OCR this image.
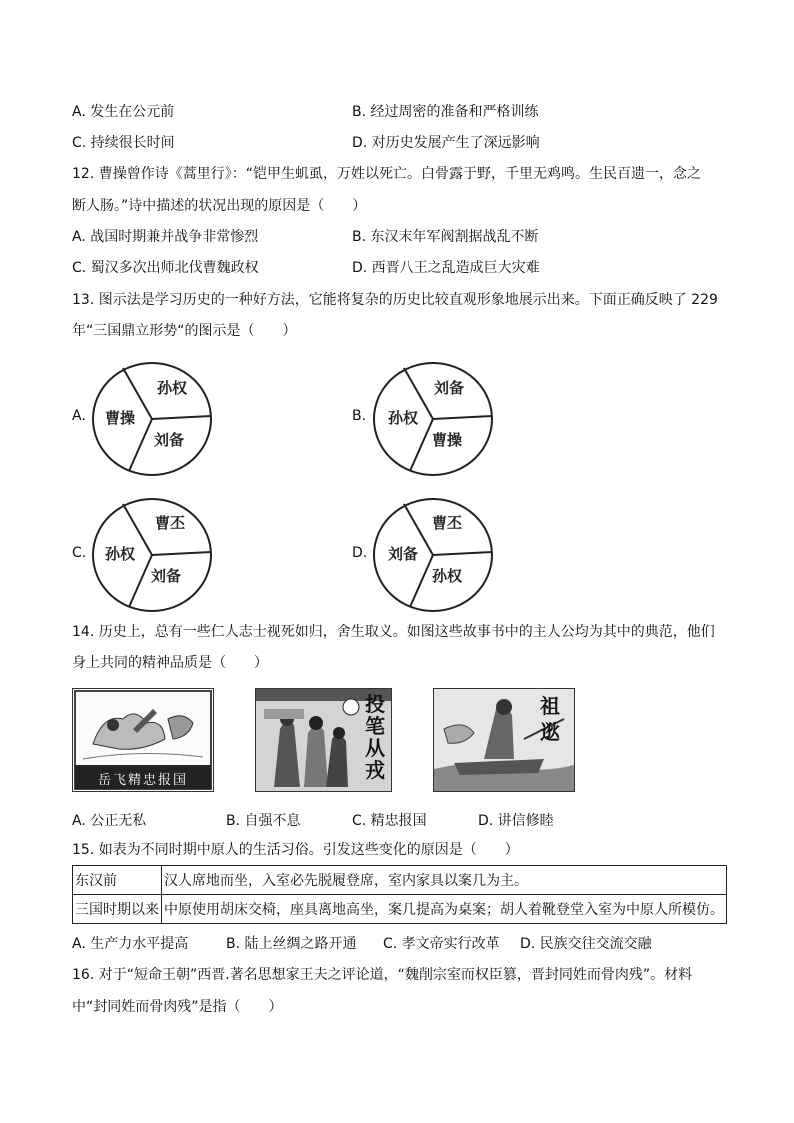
A. 发生在公元前	B. 经过周密的准备和严格训练
C. 持续很长时间	D. 对历史发展产生了深远影响
12. 曹操曾作诗《蒿里行》：“铠甲生虮虱，万姓以死亡。白骨露于野，千里无鸡鸣。生民百遗一，念之
断人肠。”诗中描述的状况出现的原因是（　　）
A. 战国时期兼并战争非常惨烈	B. 东汉末年军阀割据战乱不断
C. 蜀汉多次出师北伐曹魏政权	D. 西晋八王之乱造成巨大灾难
13. 图示法是学习历史的一种好方法，它能将复杂的历史比较直观形象地展示出来。下面正确反映了 229
年“三国鼎立形势“的图示是（　　）
A. 曹操
孙权
刘备
B. 孙权
刘备
曹操
C. 孙权
曹丕
刘备
D. 刘备
曹丕
孙权
14. 历史上，总有一些仁人志士视死如归，舍生取义。如图这些故事书中的主人公均为其中的典范，他们
身上共同的精神品质是（　　）
岳飞精忠报国
投笔从戎
祖逖
A. 公正无私	B. 自强不息	C. 精忠报国	D. 讲信修睦
15. 如表为不同时期中原人的生活习俗。引发这些变化的原因是（　　）
东汉前	汉人席地而坐，入室必先脱履登席，室内家具以案几为主。
三国时期以来	中原使用胡床交椅，座具离地高坐，案几提高为桌案；胡人着靴登堂入室为中原人所模仿。
A. 生产力水平提高	B. 陆上丝绸之路开通 C. 孝文帝实行改革 D. 民族交往交流交融
16. 对于“短命王朝”西晋.著名思想家王夫之评论道，“魏削宗室而权臣篡，晋封同姓而骨肉残”。材料
中“封同姓而骨肉残”是指（　　）
